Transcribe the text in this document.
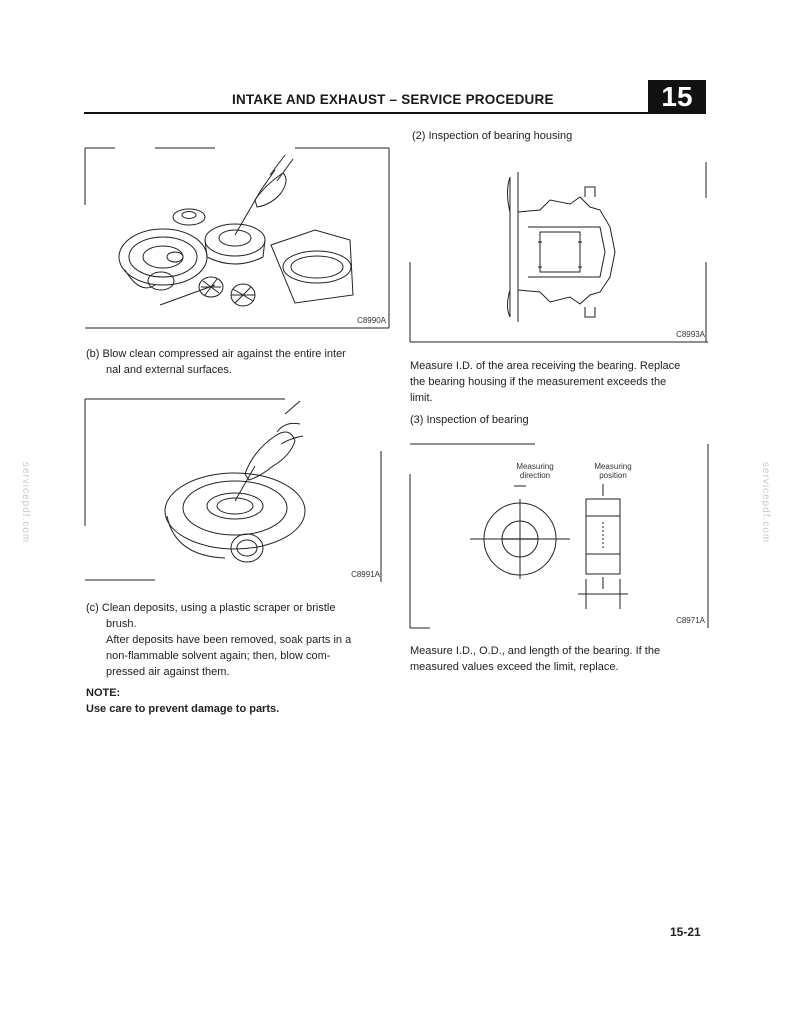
INTAKE AND EXHAUST – SERVICE PROCEDURE	15
servicepdf.com	servicepdf.com
C8990A
(b) Blow clean compressed air against the entire inter
nal and external surfaces.
C8991A
(c) Clean deposits, using a plastic scraper or bristle
brush.
After deposits have been removed, soak parts in a
non-flammable solvent again; then, blow com-
pressed air against them.
NOTE:
Use care to prevent damage to parts.
(2) Inspection of bearing housing
C8993A
Measure I.D. of the area receiving the bearing. Replace
the bearing housing if the measurement exceeds the
limit.
(3) Inspection of bearing
Measuring
direction
Measuring
position
C8971A
Measure I.D., O.D., and length of the bearing. If the
measured values exceed the limit, replace.
15-21
